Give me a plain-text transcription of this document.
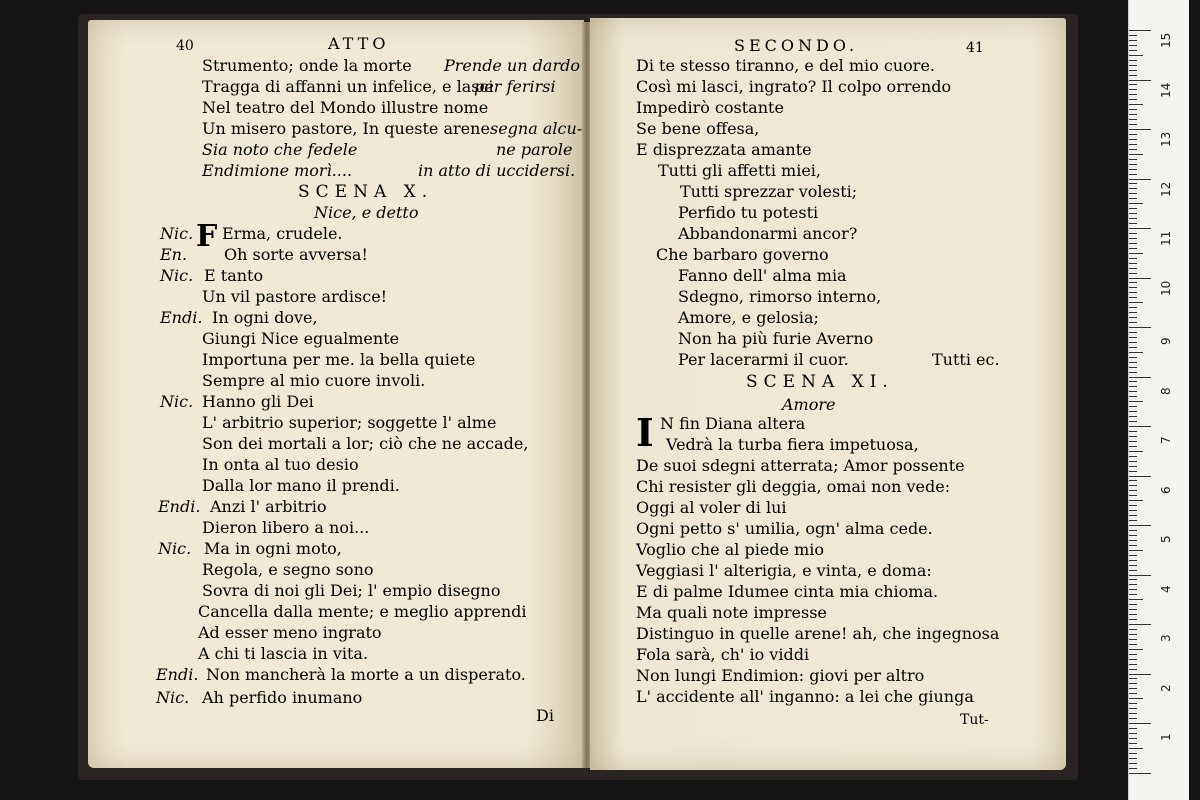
40	ATTO
Strumento; onde la morte
Tragga di affanni un infelice, e lasci
Nel teatro del Mondo illustre nome
Un misero pastore, In queste arene
Sia noto che fedele
Endimione morì....
Prende un dardo
per ferirsi
segna alcu-
ne parole
in atto di uccidersi.
SCENA X.
Nice, e detto
F
Nic. Erma, crudele.
En. Oh sorte avversa!
Nic. E tanto
Un vil pastore ardisce!
Endi. In ogni dove,
Giungi Nice egualmente
Importuna per me. la bella quiete
Sempre al mio cuore involi.
Nic. Hanno gli Dei
L' arbitrio superior; soggette l' alme
Son dei mortali a lor; ciò che ne accade,
In onta al tuo desio
Dalla lor mano il prendi.
Endi. Anzi l' arbitrio
Dieron libero a noi...
Nic. Ma in ogni moto,
Regola, e segno sono
Sovra di noi gli Dei; l' empio disegno
Cancella dalla mente; e meglio apprendi
Ad esser meno ingrato
A chi ti lascia in vita.
Endi. Non mancherà la morte a un disperato.
Nic. Ah perfido inumano
Di
SECONDO.	41
Di te stesso tiranno, e del mio cuore.
Così mi lasci, ingrato? Il colpo orrendo
Impedirò costante
Se bene offesa,
E disprezzata amante
Tutti gli affetti miei,
Tutti sprezzar volesti;
Perfido tu potesti
Abbandonarmi ancor?
Che barbaro governo
Fanno dell' alma mia
Sdegno, rimorso interno,
Amore, e gelosia;
Non ha più furie Averno
Per lacerarmi il cuor.	Tutti ec.
SCENA XI.
Amore
I N fin Diana altera
Vedrà la turba fiera impetuosa,
De suoi sdegni atterrata; Amor possente
Chi resister gli deggia, omai non vede:
Oggi al voler di lui
Ogni petto s' umilia, ogn' alma cede.
Voglio che al piede mio
Veggiasi l' alterigia, e vinta, e doma:
E di palme Idumee cinta mia chioma.
Ma quali note impresse
Distinguo in quelle arene! ah, che ingegnosa
Fola sarà, ch' io viddi
Non lungi Endimion: giovi per altro
L' accidente all' inganno: a lei che giunga
Tut-
15
14
13
12
11
10
9
8
7
6
5
4
3
2
1
